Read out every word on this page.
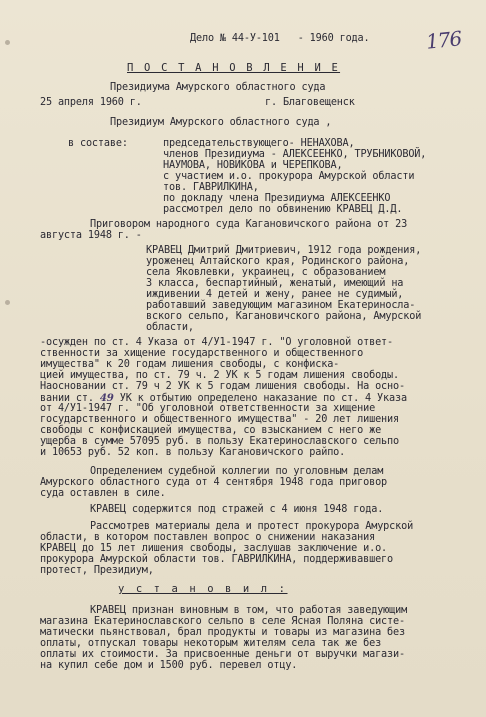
Дело № 44-У-101   - 1960 года.	176
П О С Т А Н О В Л Е Н И Е
Президиума Амурского областного суда
25 апреля 1960 г.	г. Благовещенск
Президиум Амурского областного суда ,
в составе:	председательствующего- НЕНАХОВА,
членов Президиума - АЛЕКСЕЕНКО, ТРУБНИКОВОЙ,
НАУМОВА, НОВИКОВА и ЧЕРЕПКОВА,
с участием и.о. прокурора Амурской области
тов. ГАВРИЛКИНА,
по докладу члена Президиума АЛЕКСЕЕНКО
рассмотрел дело по обвинению КРАВЕЦ Д.Д.
Приговором народного суда Кагановичского района от 23
августа 1948 г. -
КРАВЕЦ Дмитрий Дмитриевич, 1912 года рождения,
уроженец Алтайского края, Родинского района,
села Яковлевки, украинец, с образованием
3 класса, беспартийный, женатый, имеющий на
иждивении 4 детей и жену, ранее не судимый,
работавший заведующим магазином Екатериносла-
вского сельпо, Кагановичского района, Амурской
области,
-осужден по ст. 4 Указа от 4/У1-1947 г. "О уголовной ответ-
ственности за хищение государственного и общественного
имущества" к 20 годам лишения свободы, с конфиска-
цией имущества, по ст. 79 ч. 2 УК к 5 годам лишения свободы.
Наосновании ст. 79 ч 2 УК к 5 годам лишения свободы. На осно-
вании ст. 49 УК к отбытию определено наказание по ст. 4 Указа
от 4/У1-1947 г. "Об уголовной ответственности за хищение
государственного и общественного имущества" - 20 лет лишения
свободы с конфискацией имущества, со взысканием с него же
ущерба в сумме 57095 руб. в пользу Екатеринославского сельпо
и 10653 руб. 52 коп. в пользу Кагановичского райпо.
Определением судебной коллегии по уголовным делам
Амурского областного суда от 4 сентября 1948 года приговор
суда оставлен в силе.
КРАВЕЦ содержится под стражей с 4 июня 1948 года.
Рассмотрев материалы дела и протест прокурора Амурской
области, в котором поставлен вопрос о снижении наказания
КРАВЕЦ до 15 лет лишения свободы, заслушав заключение и.о.
прокурора Амурской области тов. ГАВРИЛКИНА, поддерживавшего
протест, Президиум,
у с т а н о в и л :
КРАВЕЦ признан виновным в том, что работая заведующим
магазина Екатеринославского сельпо в селе Ясная Поляна систе-
матически пьянствовал, брал продукты и товары из магазина без
оплаты, отпускал товары некоторым жителям села так же без
оплаты их стоимости. За присвоенные деньги от выручки магази-
на купил себе дом и 1500 руб. перевел отцу.
